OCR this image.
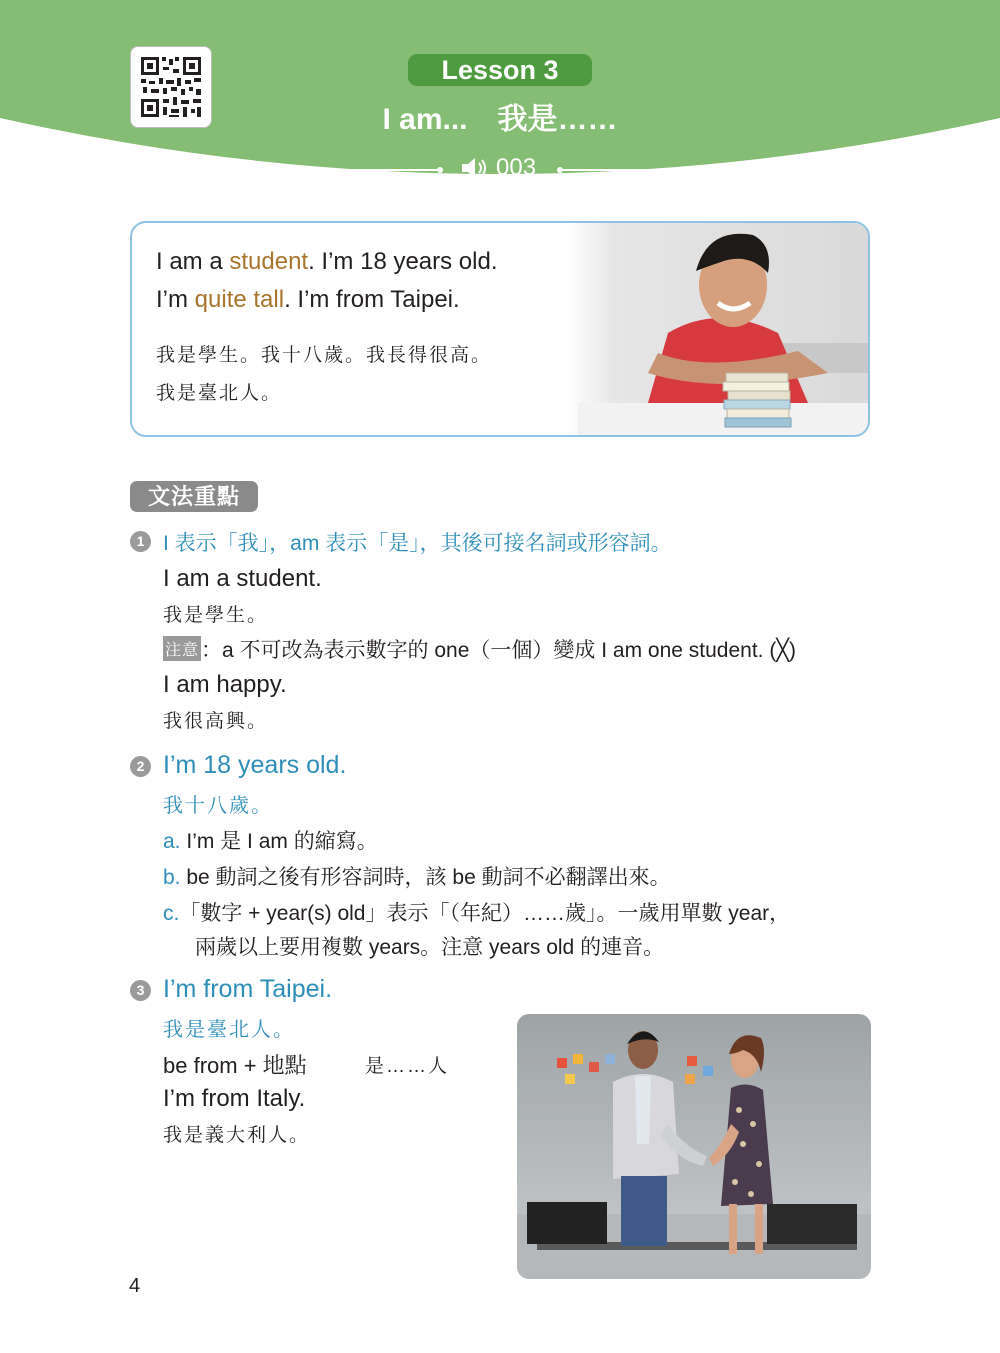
Lesson 3
I am... 我是……
003
I am a student. I’m 18 years old.
I’m quite tall. I’m from Taipei.
我是學生。我十八歲。我長得很高。
我是臺北人。
文法重點
1 I 表示「我」，am 表示「是」，其後可接名詞或形容詞。
I am a student.
我是學生。
注意：a 不可改為表示數字的 one（一個）變成 I am one student. (╳)
I am happy.
我很高興。
2 I’m 18 years old.
我十八歲。
a. I’m 是 I am 的縮寫。
b. be 動詞之後有形容詞時，該 be 動詞不必翻譯出來。
c.「數字 + year(s) old」表示「（年紀）……歲」。一歲用單數 year，
兩歲以上要用複數 years。注意 years old 的連音。
3 I’m from Taipei.
我是臺北人。
be from + 地點	是……人
I’m from Italy.
我是義大利人。
4
